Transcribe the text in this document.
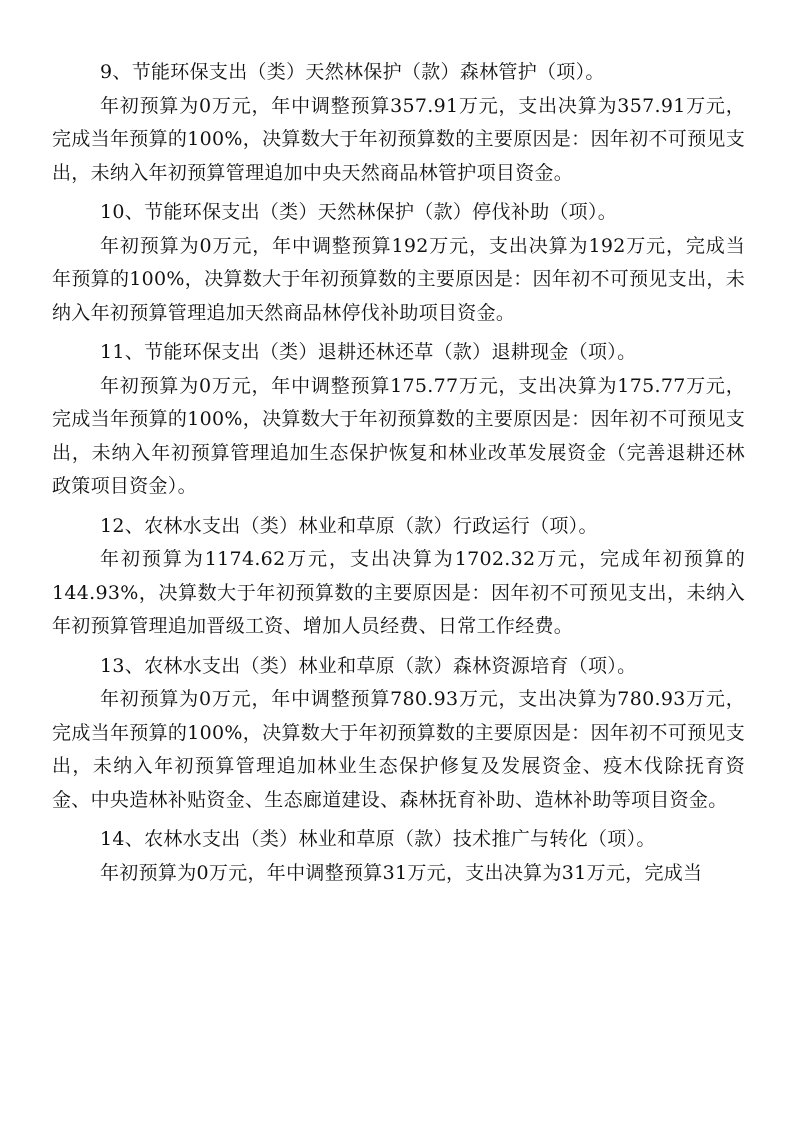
9、节能环保支出（类）天然林保护（款）森林管护（项）。

年初预算为0万元，年中调整预算357.91万元，支出决算为357.91万元，完成当年预算的100%，决算数大于年初预算数的主要原因是：因年初不可预见支出，未纳入年初预算管理追加中央天然商品林管护项目资金。

10、节能环保支出（类）天然林保护（款）停伐补助（项）。

年初预算为0万元，年中调整预算192万元，支出决算为192万元，完成当年预算的100%，决算数大于年初预算数的主要原因是：因年初不可预见支出，未纳入年初预算管理追加天然商品林停伐补助项目资金。

11、节能环保支出（类）退耕还林还草（款）退耕现金（项）。

年初预算为0万元，年中调整预算175.77万元，支出决算为175.77万元，完成当年预算的100%，决算数大于年初预算数的主要原因是：因年初不可预见支出，未纳入年初预算管理追加生态保护恢复和林业改革发展资金（完善退耕还林政策项目资金）。

12、农林水支出（类）林业和草原（款）行政运行（项）。

年初预算为1174.62万元，支出决算为1702.32万元，完成年初预算的144.93%，决算数大于年初预算数的主要原因是：因年初不可预见支出，未纳入年初预算管理追加晋级工资、增加人员经费、日常工作经费。

13、农林水支出（类）林业和草原（款）森林资源培育（项）。

年初预算为0万元，年中调整预算780.93万元，支出决算为780.93万元，完成当年预算的100%，决算数大于年初预算数的主要原因是：因年初不可预见支出，未纳入年初预算管理追加林业生态保护修复及发展资金、疫木伐除抚育资金、中央造林补贴资金、生态廊道建设、森林抚育补助、造林补助等项目资金。

14、农林水支出（类）林业和草原（款）技术推广与转化（项）。

年初预算为0万元，年中调整预算31万元，支出决算为31万元，完成当
